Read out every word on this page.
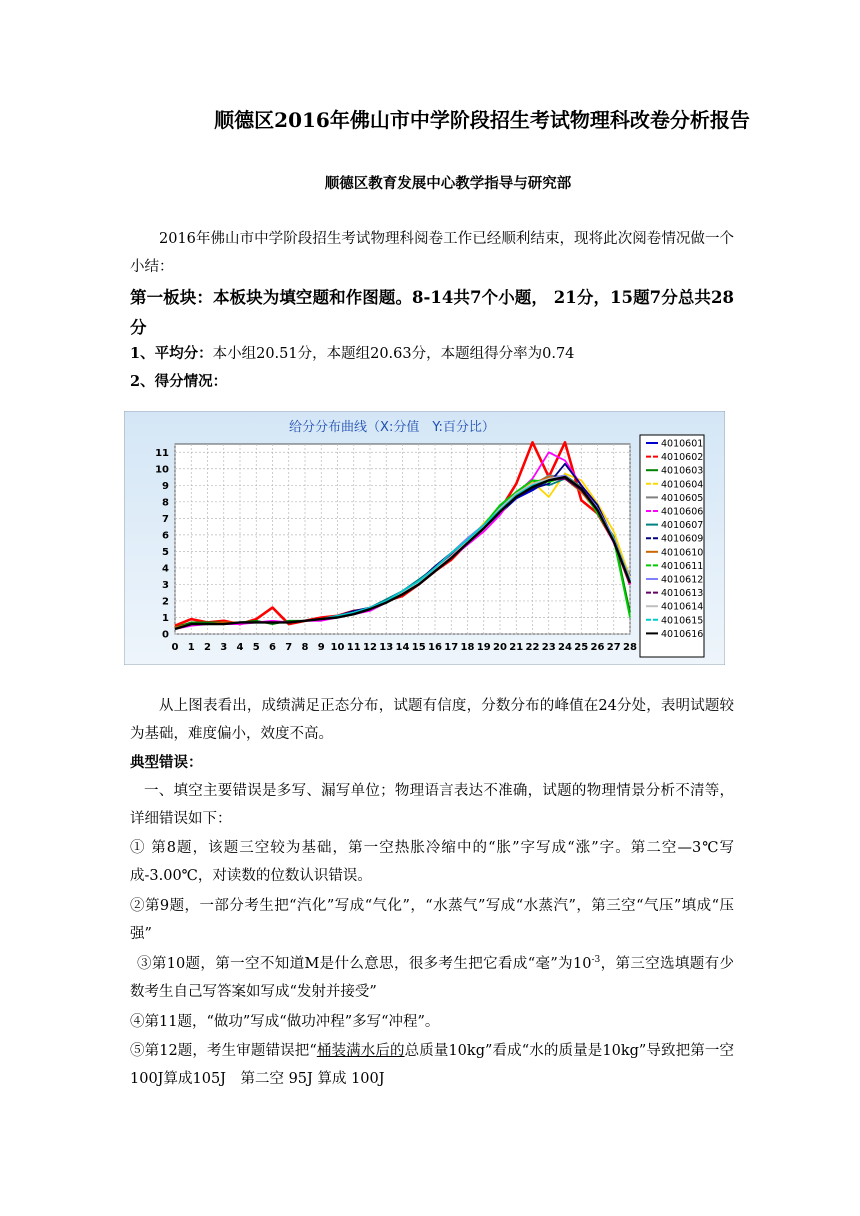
顺德区2016年佛山市中学阶段招生考试物理科改卷分析报告
顺德区教育发展中心教学指导与研究部
2016年佛山市中学阶段招生考试物理科阅卷工作已经顺利结束，现将此次阅卷情况做一个小结：
第一板块：本板块为填空题和作图题。8-14共7个小题， 21分，15题7分总共28分
1、平均分：本小组20.51分，本题组20.63分，本题组得分率为0.74
2、得分情况：
给分分布曲线（X:分值　Y:百分比）
0 1 2 3 4 5 6 7 8 9 10 11 12 13 14 15 16 17 18 19 20 21 22 23 24 25 26 27 28
0
1
2
3
4
5
6
7
8
9
10
11
4010601
4010602
4010603
4010604
4010605
4010606
4010607
4010609
4010610
4010611
4010612
4010613
4010614
4010615
4010616
从上图表看出，成绩满足正态分布，试题有信度，分数分布的峰值在24分处，表明试题较为基础，难度偏小，效度不高。
典型错误：
一、填空主要错误是多写、漏写单位；物理语言表达不准确，试题的物理情景分析不清等，详细错误如下：
① 第8题，该题三空较为基础，第一空热胀冷缩中的“胀”字写成“涨”字。第二空—3℃写成-3.00℃，对读数的位数认识错误。
②第9题，一部分考生把“汽化”写成“气化”，“水蒸气”写成“水蒸汽”，第三空“气压”填成“压强”
③第10题，第一空不知道M是什么意思，很多考生把它看成“毫”为$10^{-3}$，第三空选填题有少数考生自己写答案如写成“发射并接受”
④第11题，“做功”写成“做功冲程”多写“冲程”。
⑤第12题，考生审题错误把“桶装满水后的总质量10kg”看成“水的质量是10kg”导致把第一空100J算成105J　第二空 95J 算成 100J
